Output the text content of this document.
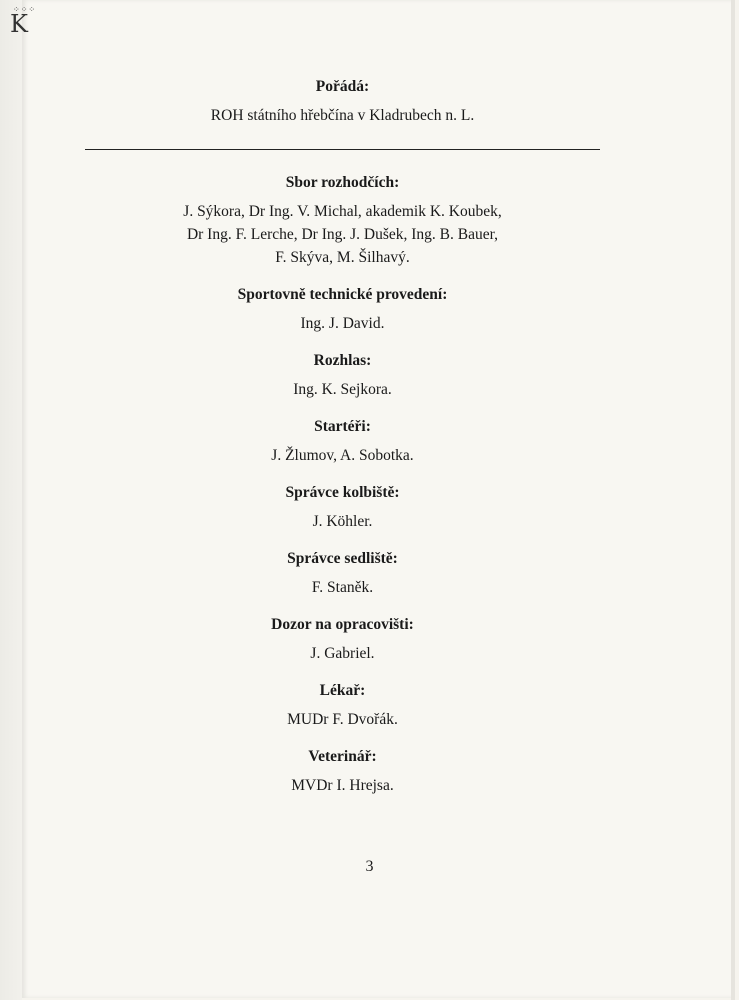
⁘⁘⁘
K

Pořádá:

ROH státního hřebčína v Kladrubech n. L.

Sbor rozhodčích:

J. Sýkora, Dr Ing. V. Michal, akademik K. Koubek,

Dr Ing. F. Lerche, Dr Ing. J. Dušek, Ing. B. Bauer,

F. Skýva, M. Šilhavý.

Sportovně technické provedení:

Ing. J. David.

Rozhlas:

Ing. K. Sejkora.

Startéři:

J. Žlumov, A. Sobotka.

Správce kolbiště:

J. Köhler.

Správce sedliště:

F. Staněk.

Dozor na opracovišti:

J. Gabriel.

Lékař:

MUDr F. Dvořák.

Veterinář:

MVDr I. Hrejsa.

3
